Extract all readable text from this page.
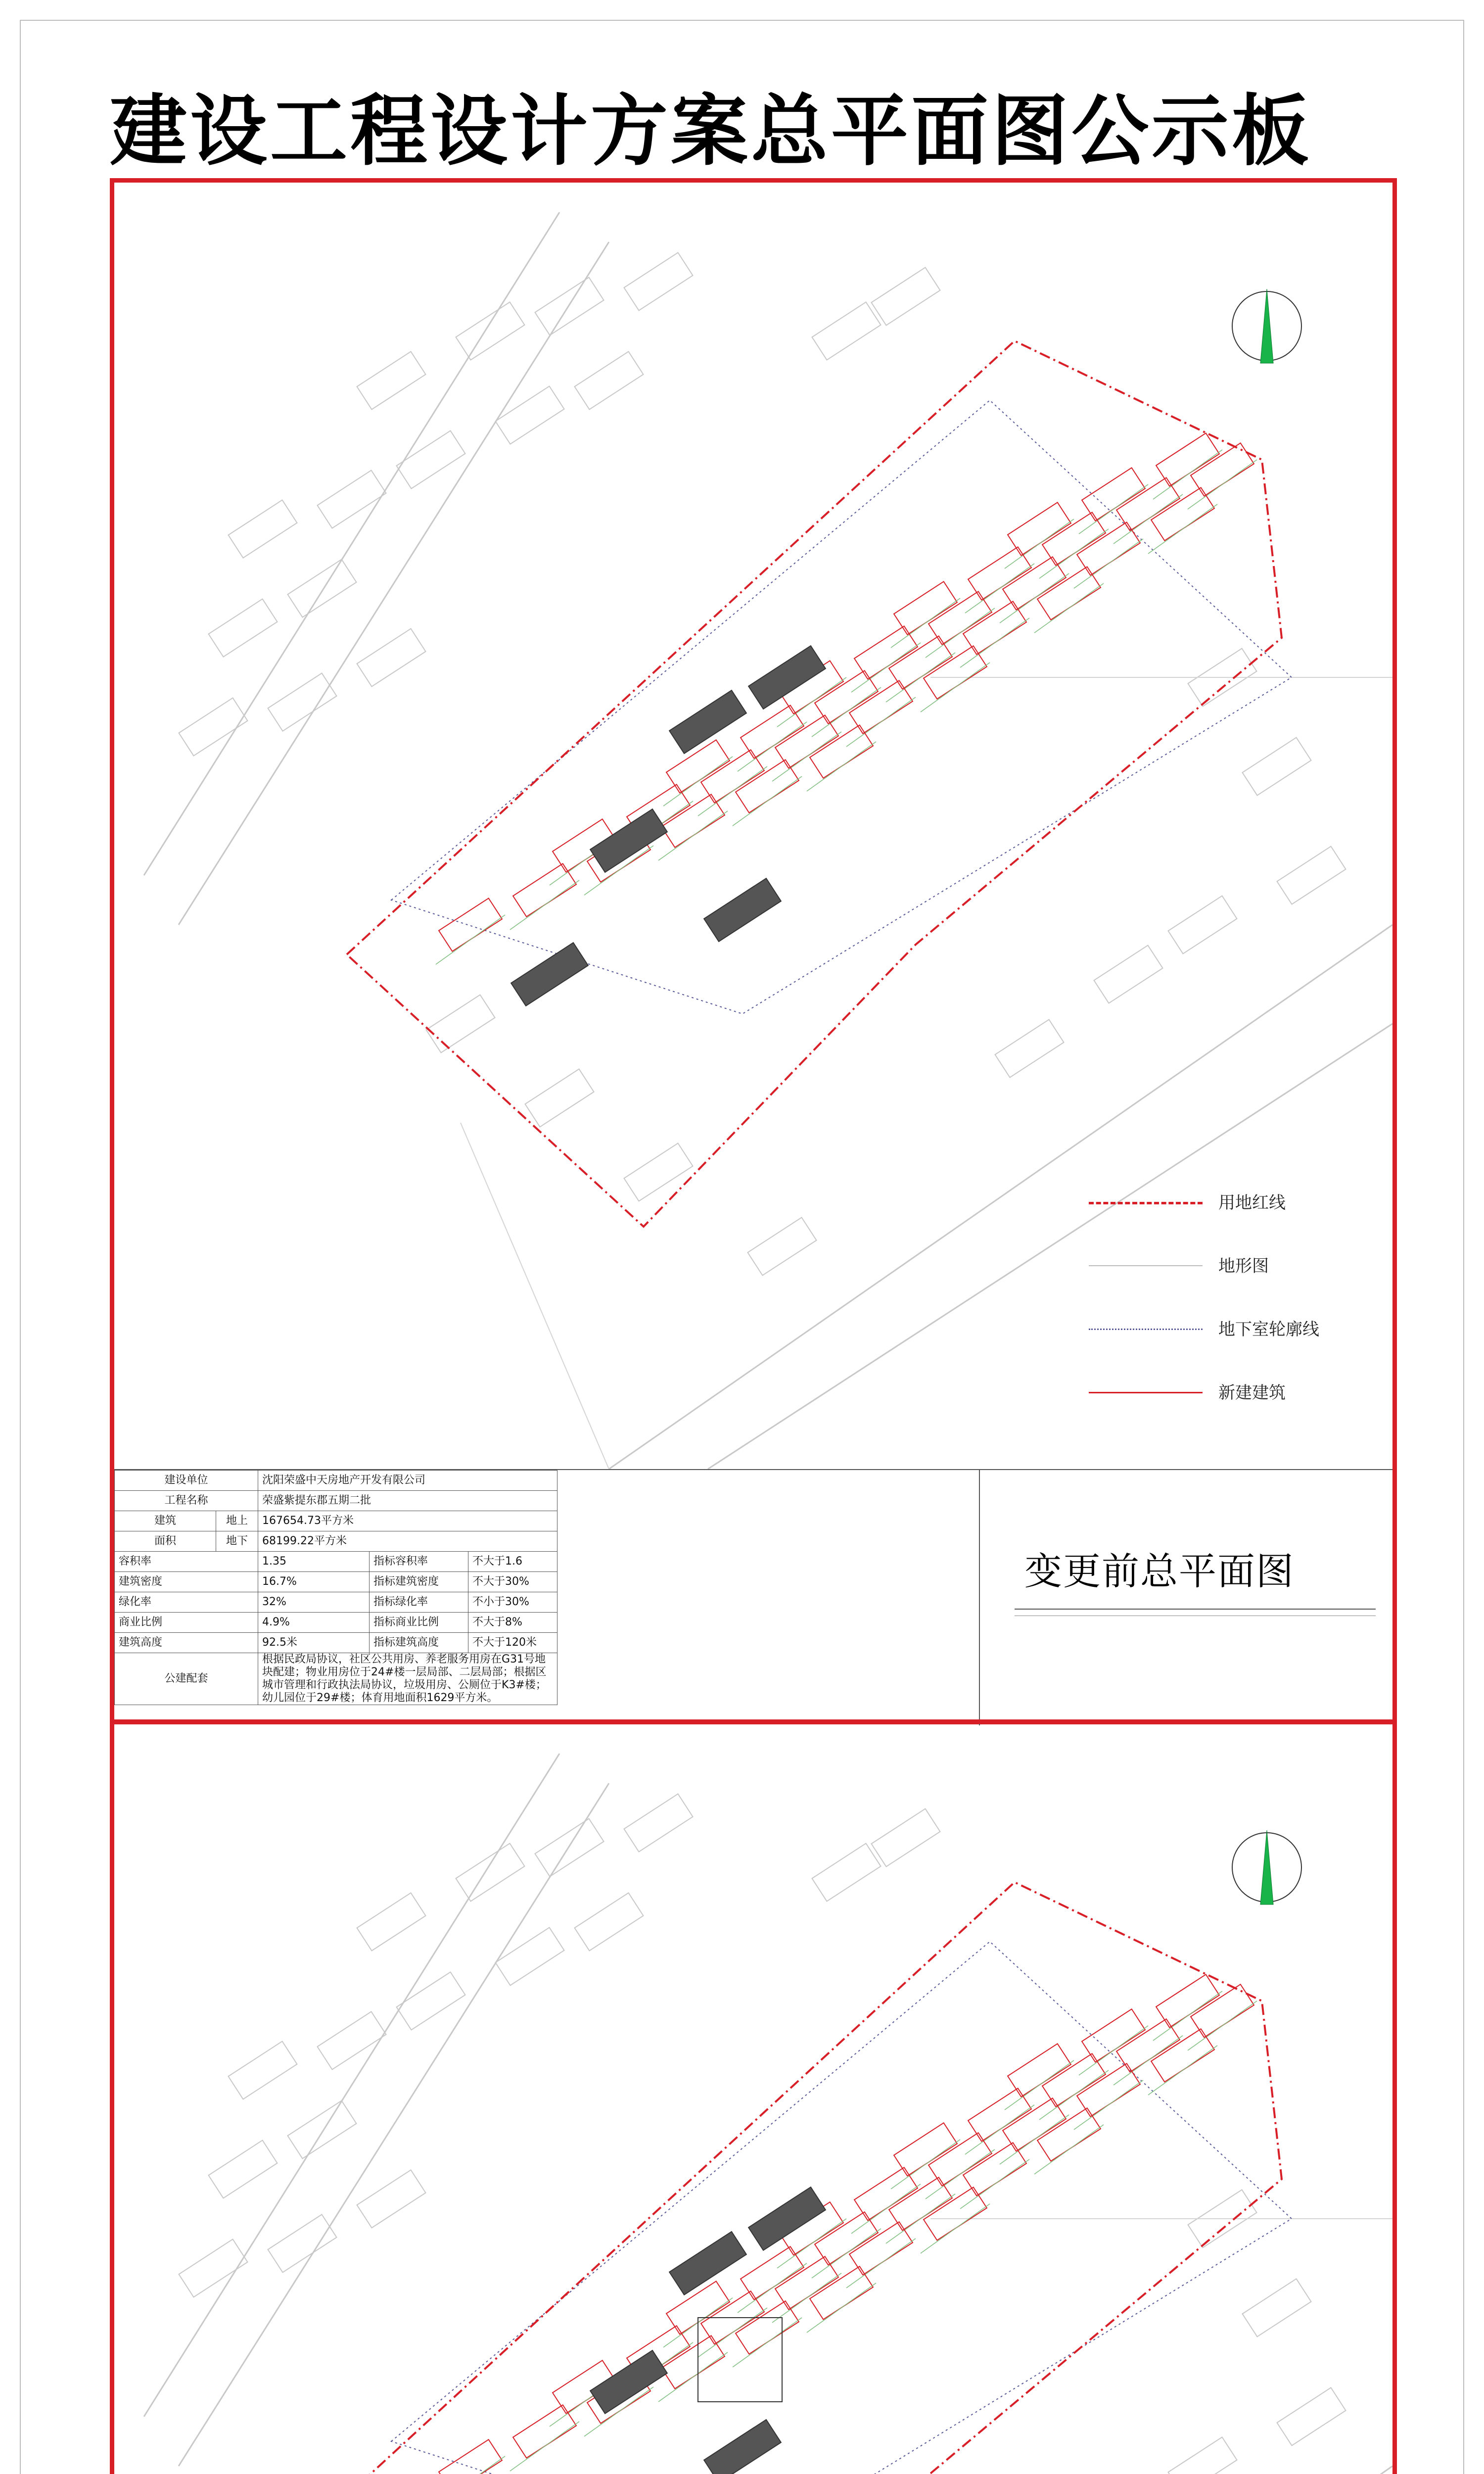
建设工程设计方案总平面图公示板
用地红线
地形图
地下室轮廓线
新建建筑
建设单位		沈阳荣盛中天房地产开发有限公司		
工程名称		荣盛紫提东郡五期二批		
建筑	地上	167654.73平方米		
面积	地下	68199.22平方米		
容积率		1.35	指标容积率	不大于1.6
建筑密度		16.7%	指标建筑密度	不大于30%
绿化率		32%	指标绿化率	不小于30%
商业比例		4.9%	指标商业比例	不大于8%
建筑高度		92.5米	指标建筑高度	不大于120米
公建配套		根据民政局协议，社区公共用房、养老服务用房在G31号地块配建；物业用房位于24#楼一层局部、二层局部；根据区城市管理和行政执法局协议，垃圾用房、公厕位于K3#楼；幼儿园位于29#楼；体育用地面积1629平方米。		
变更前总平面图
